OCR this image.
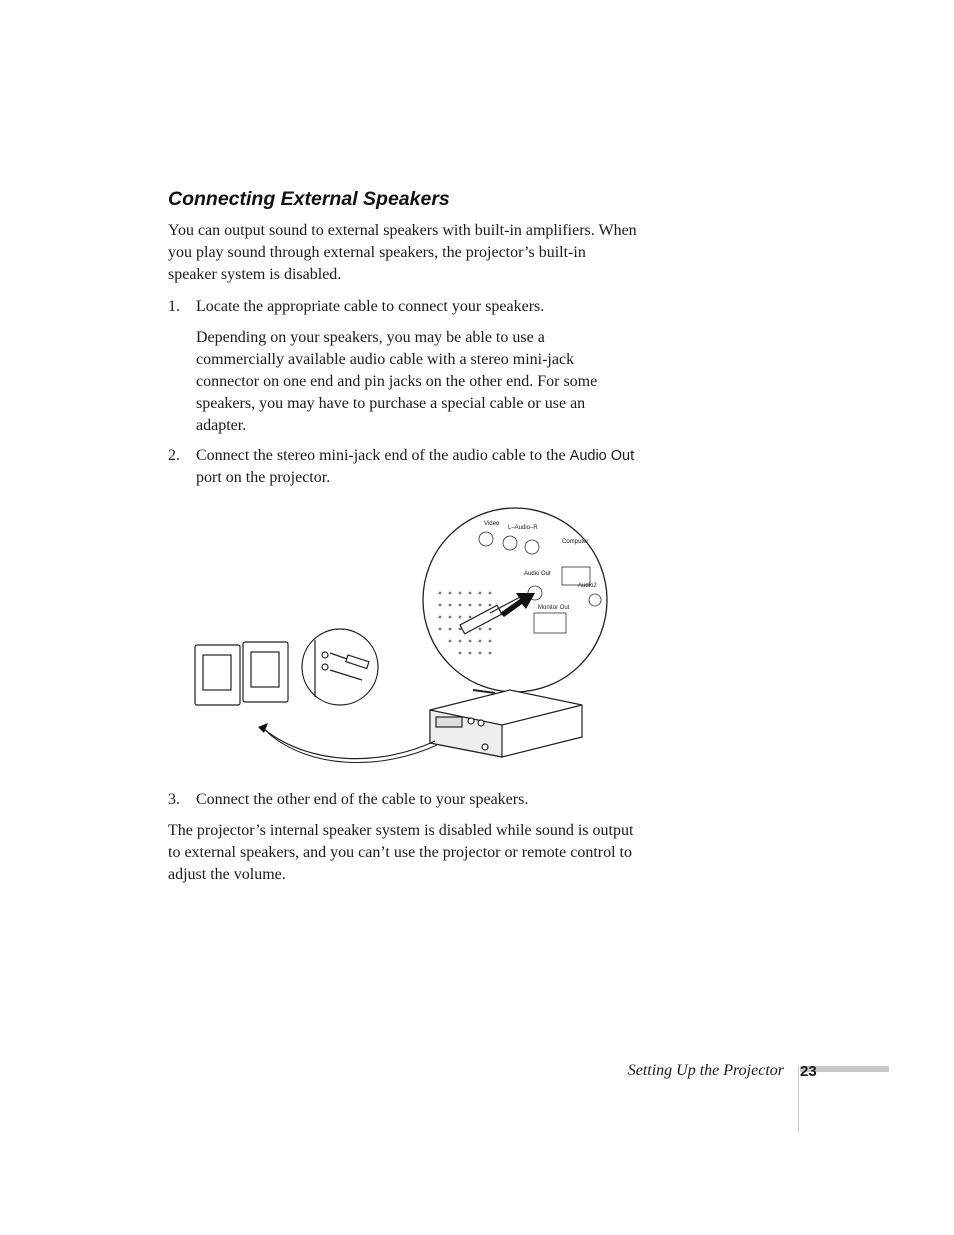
Connecting External Speakers

You can output sound to external speakers with built-in amplifiers. When you play sound through external speakers, the projector’s built-in speaker system is disabled.

1. Locate the appropriate cable to connect your speakers.

Depending on your speakers, you may be able to use a commercially available audio cable with a stereo mini-jack connector on one end and pin jacks on the other end. For some speakers, you may have to purchase a special cable or use an adapter.

2. Connect the stereo mini-jack end of the audio cable to the Audio Out port on the projector.
Video
L–Audio–R
Computer
Audio Out
Audio2
Monitor Out
3. Connect the other end of the cable to your speakers.

The projector’s internal speaker system is disabled while sound is output to external speakers, and you can’t use the projector or remote control to adjust the volume.

Setting Up the Projector 23
